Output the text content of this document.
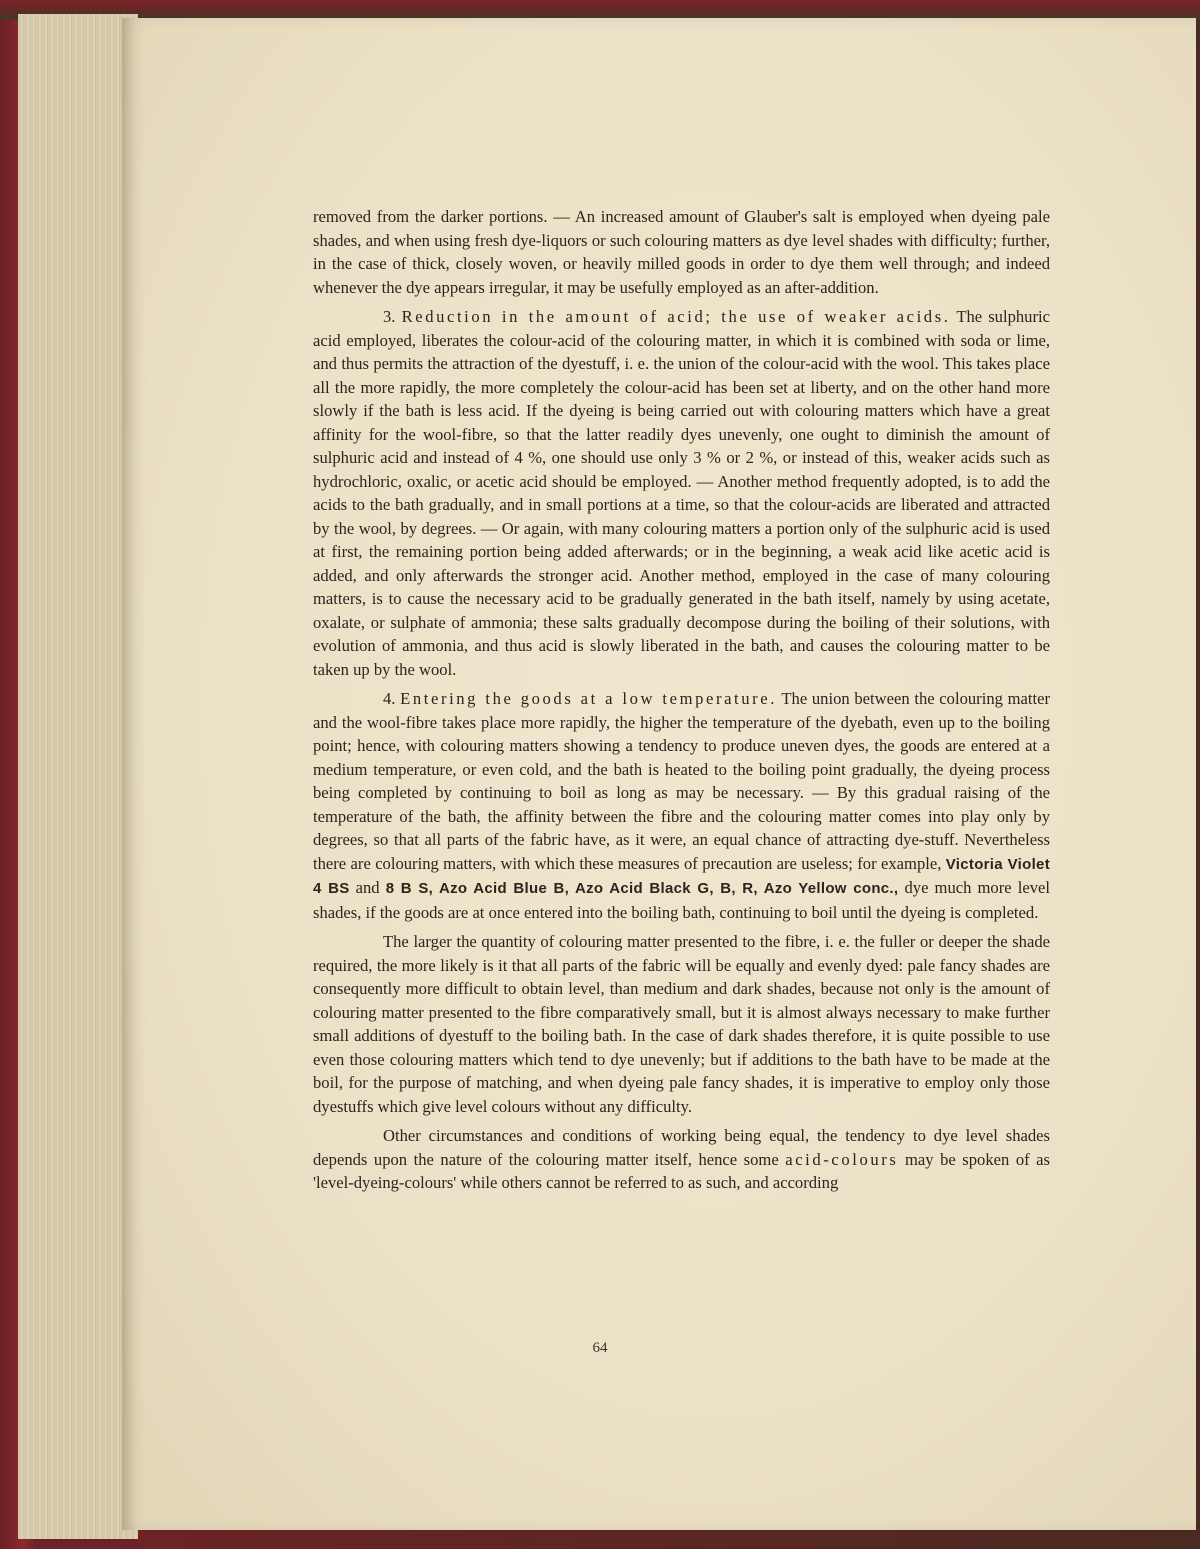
removed from the darker portions. — An increased amount of Glauber's salt is employed when dyeing pale shades, and when using fresh dye-liquors or such colouring matters as dye level shades with difficulty; further, in the case of thick, closely woven, or heavily milled goods in order to dye them well through; and indeed whenever the dye appears irregular, it may be usefully employed as an after-addition.

3. Reduction in the amount of acid; the use of weaker acids. The sulphuric acid employed, liberates the colour-acid of the colouring matter, in which it is combined with soda or lime, and thus permits the attraction of the dyestuff, i. e. the union of the colour-acid with the wool. This takes place all the more rapidly, the more completely the colour-acid has been set at liberty, and on the other hand more slowly if the bath is less acid. If the dyeing is being carried out with colouring matters which have a great affinity for the wool-fibre, so that the latter readily dyes unevenly, one ought to diminish the amount of sulphuric acid and instead of 4 %, one should use only 3 % or 2 %, or instead of this, weaker acids such as hydrochloric, oxalic, or acetic acid should be employed. — Another method frequently adopted, is to add the acids to the bath gradually, and in small portions at a time, so that the colour-acids are liberated and attracted by the wool, by degrees. — Or again, with many colouring matters a portion only of the sulphuric acid is used at first, the remaining portion being added afterwards; or in the beginning, a weak acid like acetic acid is added, and only afterwards the stronger acid. Another method, employed in the case of many colouring matters, is to cause the necessary acid to be gradually generated in the bath itself, namely by using acetate, oxalate, or sulphate of ammonia; these salts gradually decompose during the boiling of their solutions, with evolution of ammonia, and thus acid is slowly liberated in the bath, and causes the colouring matter to be taken up by the wool.

4. Entering the goods at a low temperature. The union between the colouring matter and the wool-fibre takes place more rapidly, the higher the temperature of the dyebath, even up to the boiling point; hence, with colouring matters showing a tendency to produce uneven dyes, the goods are entered at a medium temperature, or even cold, and the bath is heated to the boiling point gradually, the dyeing process being completed by continuing to boil as long as may be necessary. — By this gradual raising of the temperature of the bath, the affinity between the fibre and the colouring matter comes into play only by degrees, so that all parts of the fabric have, as it were, an equal chance of attracting dye-stuff. Nevertheless there are colouring matters, with which these measures of precaution are useless; for example, Victoria Violet 4 BS and 8 B S, Azo Acid Blue B, Azo Acid Black G, B, R, Azo Yellow conc., dye much more level shades, if the goods are at once entered into the boiling bath, continuing to boil until the dyeing is completed.

The larger the quantity of colouring matter presented to the fibre, i. e. the fuller or deeper the shade required, the more likely is it that all parts of the fabric will be equally and evenly dyed: pale fancy shades are consequently more difficult to obtain level, than medium and dark shades, because not only is the amount of colouring matter presented to the fibre comparatively small, but it is almost always necessary to make further small additions of dyestuff to the boiling bath. In the case of dark shades therefore, it is quite possible to use even those colouring matters which tend to dye unevenly; but if additions to the bath have to be made at the boil, for the purpose of matching, and when dyeing pale fancy shades, it is imperative to employ only those dyestuffs which give level colours without any difficulty.

Other circumstances and conditions of working being equal, the tendency to dye level shades depends upon the nature of the colouring matter itself, hence some acid-colours may be spoken of as 'level-dyeing-colours' while others cannot be referred to as such, and according

64
